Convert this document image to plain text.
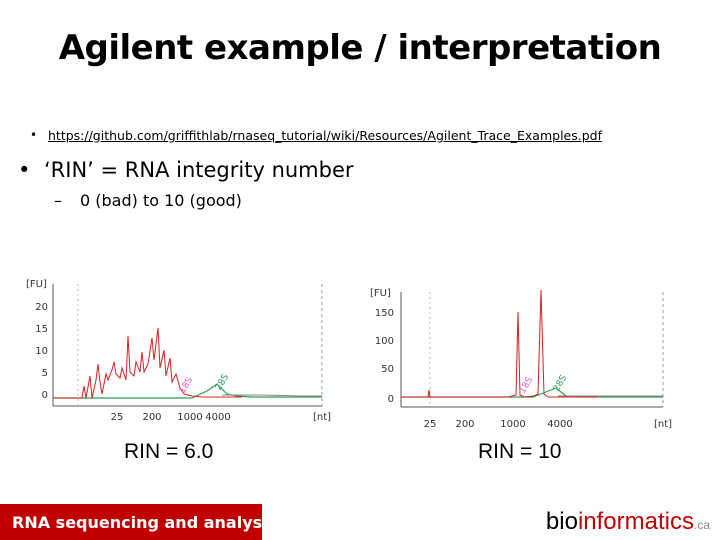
Agilent example / interpretation
• https://github.com/griffithlab/rnaseq_tutorial/wiki/Resources/Agilent_Trace_Examples.pdf
• ‘RIN’ = RNA integrity number
– 0 (bad) to 10 (good)
[FU]
20
15
10
5
0	18S 28S
25 200 1000 4000	[nt]
[FU]
150
100
50
0
18S 28S
25 200	1000 4000	[nt]
RIN = 6.0	RIN = 10
RNA sequencing and analysis	bioinformatics.ca
